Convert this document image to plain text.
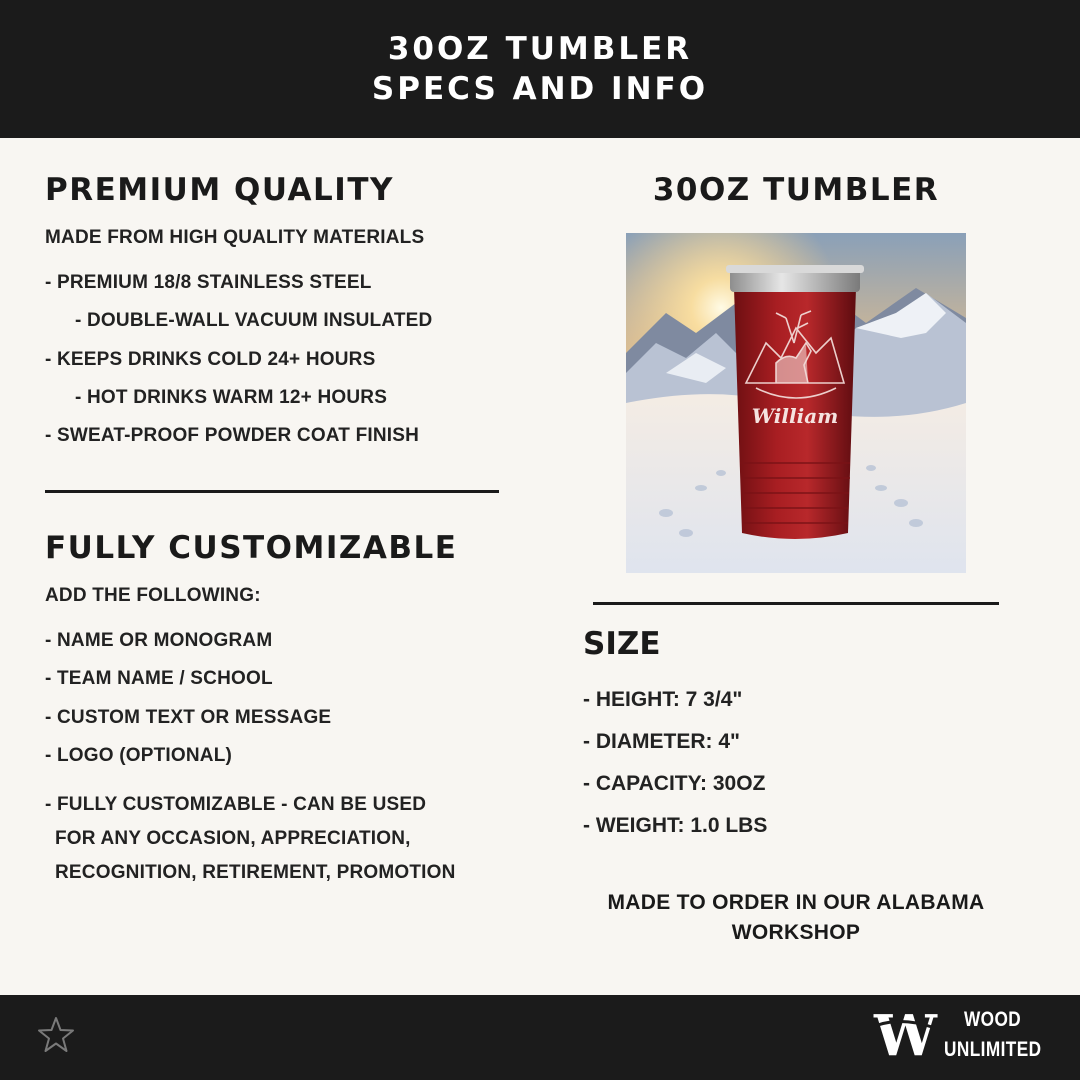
30OZ TUMBLER
SPECS AND INFO
PREMIUM QUALITY
MADE FROM HIGH QUALITY MATERIALS
- PREMIUM 18/8 STAINLESS STEEL
- DOUBLE-WALL VACUUM INSULATED
- KEEPS DRINKS COLD 24+ HOURS
- HOT DRINKS WARM 12+ HOURS
- SWEAT-PROOF POWDER COAT FINISH
FULLY CUSTOMIZABLE
ADD THE FOLLOWING:
- NAME OR MONOGRAM
- TEAM NAME / SCHOOL
- CUSTOM TEXT OR MESSAGE
- LOGO (OPTIONAL)
- FULLY CUSTOMIZABLE - CAN BE USED
FOR ANY OCCASION, APPRECIATION,
RECOGNITION, RETIREMENT, PROMOTION
30OZ TUMBLER
William
SIZE
- HEIGHT: 7 3/4"
- DIAMETER: 4"
- CAPACITY: 30OZ
- WEIGHT: 1.0 LBS
MADE TO ORDER IN OUR ALABAMA
WORKSHOP
W WOOD
UNLIMITED
